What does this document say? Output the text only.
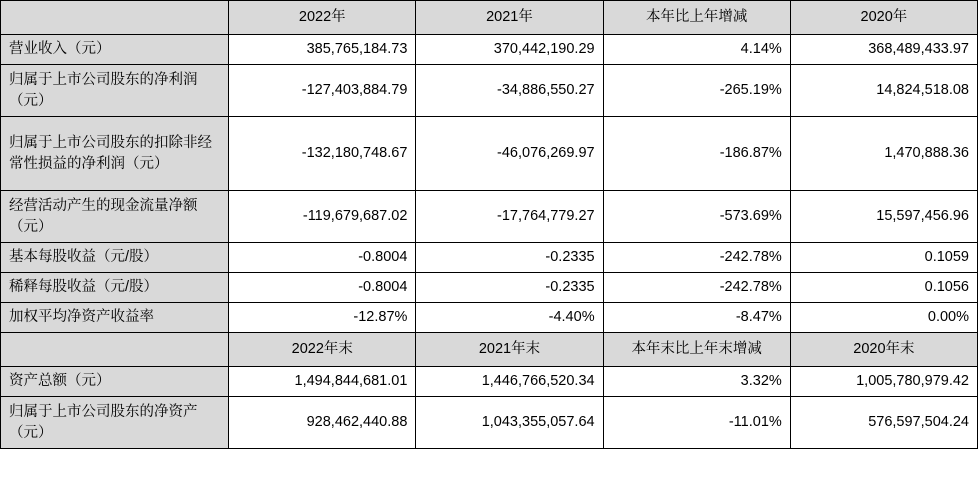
	2022年	2021年	本年比上年增减	2020年
营业收入（元）	385,765,184.73	370,442,190.29	4.14%	368,489,433.97
归属于上市公司股东的净利润（元）	-127,403,884.79	-34,886,550.27	-265.19%	14,824,518.08
归属于上市公司股东的扣除非经常性损益的净利润（元）	-132,180,748.67	-46,076,269.97	-186.87%	1,470,888.36
经营活动产生的现金流量净额（元）	-119,679,687.02	-17,764,779.27	-573.69%	15,597,456.96
基本每股收益（元/股）	-0.8004	-0.2335	-242.78%	0.1059
稀释每股收益（元/股）	-0.8004	-0.2335	-242.78%	0.1056
加权平均净资产收益率	-12.87%	-4.40%	-8.47%	0.00%
	2022年末	2021年末	本年末比上年末增减	2020年末
资产总额（元）	1,494,844,681.01	1,446,766,520.34	3.32%	1,005,780,979.42
归属于上市公司股东的净资产（元）	928,462,440.88	1,043,355,057.64	-11.01%	576,597,504.24
